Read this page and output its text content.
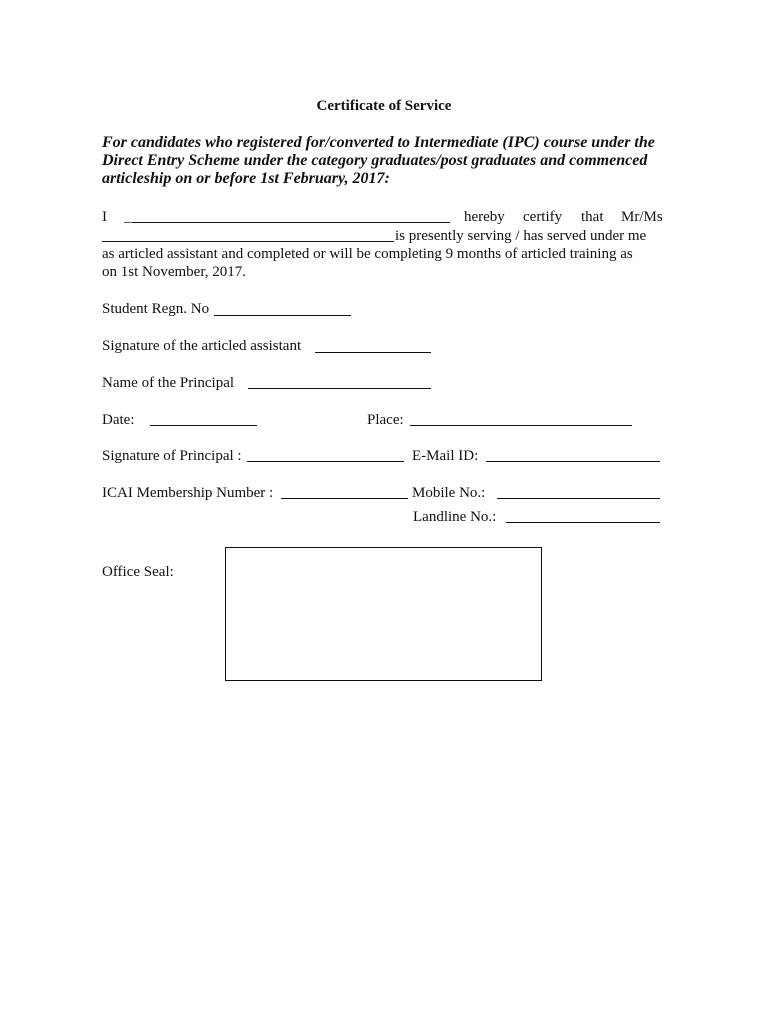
Certificate of Service
For candidates who registered for/converted to Intermediate (IPC) course under the
Direct Entry Scheme under the category graduates/post graduates and commenced
articleship on or before 1st February, 2017:
I _	hereby certify that Mr/Ms
is presently serving / has served under me
as articled assistant and completed or will be completing 9 months of articled training as
on 1st November, 2017.
Student Regn. No
Signature of the articled assistant
Name of the Principal
Date:	Place:
Signature of Principal :	E-Mail ID:
ICAI Membership Number :	Mobile No.:
Landline No.:
Office Seal:
